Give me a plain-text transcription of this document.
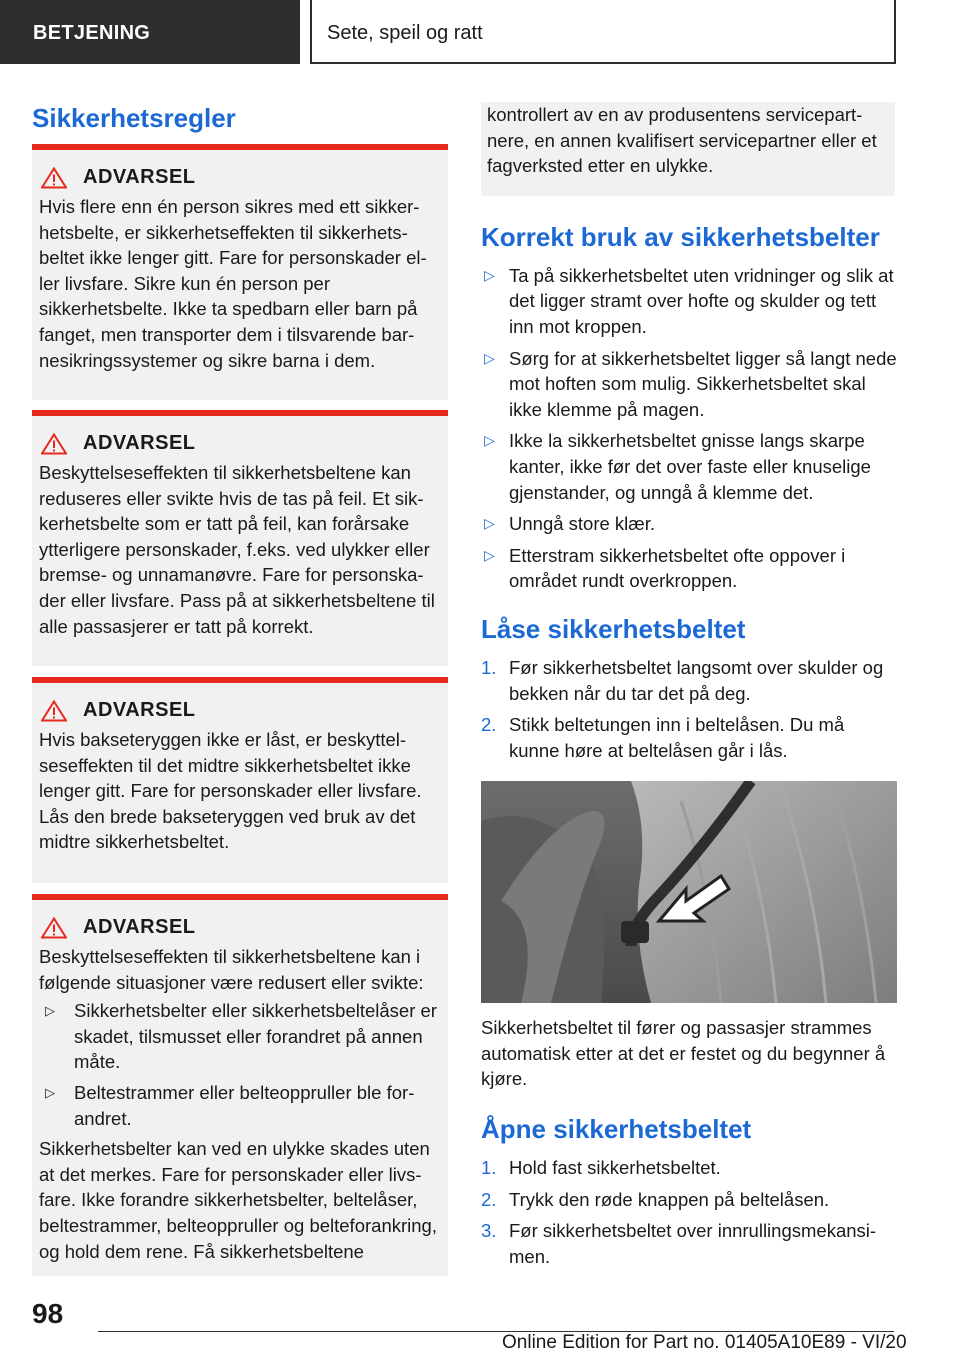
BETJENING	Sete, speil og ratt
Sikkerhetsregler
ADVARSEL

Hvis flere enn én person sikres med ett sikkerhetsbelte, er sikkerhetseffekten til sikkerhetsbeltet ikke lenger gitt. Fare for personskader eller livsfare. Sikre kun én person per sikkerhetsbelte. Ikke ta spedbarn eller barn på fanget, men transporter dem i tilsvarende barnesikringssystemer og sikre barna i dem.

ADVARSEL

Beskyttelseseffekten til sikkerhetsbeltene kan reduseres eller svikte hvis de tas på feil. Et sikkerhetsbelte som er tatt på feil, kan forårsake ytterligere personskader, f.eks. ved ulykker eller bremse- og unnamanøvre. Fare for personskader eller livsfare. Pass på at sikkerhetsbeltene til alle passasjerer er tatt på korrekt.

ADVARSEL

Hvis bakseteryggen ikke er låst, er beskyttelseseffekten til det midtre sikkerhetsbeltet ikke lenger gitt. Fare for personskader eller livsfare. Lås den brede bakseteryggen ved bruk av det midtre sikkerhetsbeltet.

ADVARSEL

Beskyttelseseffekten til sikkerhetsbeltene kan i følgende situasjoner være redusert eller svikte:

▷ Sikkerhetsbelter eller sikkerhetsbeltelåser er skadet, tilsmusset eller forandret på annen måte.
▷ Beltestrammer eller belteoppruller ble forandret.

Sikkerhetsbelter kan ved en ulykke skades uten at det merkes. Fare for personskader eller livsfare. Ikke forandre sikkerhetsbelter, beltelåser, beltestrammer, belteoppruller og belteforankring, og hold dem rene. Få sikkerhetsbeltene

kontrollert av en av produsentens servicepartnere, en annen kvalifisert servicepartner eller et fagverksted etter en ulykke.

Korrekt bruk av sikkerhetsbelter
▷ Ta på sikkerhetsbeltet uten vridninger og slik at det ligger stramt over hofte og skulder og tett inn mot kroppen.
▷ Sørg for at sikkerhetsbeltet ligger så langt nede mot hoften som mulig. Sikkerhetsbeltet skal ikke klemme på magen.
▷ Ikke la sikkerhetsbeltet gnisse langs skarpe kanter, ikke før det over faste eller knuselige gjenstander, og unngå å klemme det.
▷ Unngå store klær.
▷ Etterstram sikkerhetsbeltet ofte oppover i området rundt overkroppen.
Låse sikkerhetsbeltet
1. Før sikkerhetsbeltet langsomt over skulder og bekken når du tar det på deg.
2. Stikk beltetungen inn i beltelåsen. Du må kunne høre at beltelåsen går i lås.

Sikkerhetsbeltet til fører og passasjer strammes automatisk etter at det er festet og du begynner å kjøre.

Åpne sikkerhetsbeltet
1. Hold fast sikkerhetsbeltet.
2. Trykk den røde knappen på beltelåsen.
3. Før sikkerhetsbeltet over innrullingsmekansimen.
98
Online Edition for Part no. 01405A10E89 - VI/20
